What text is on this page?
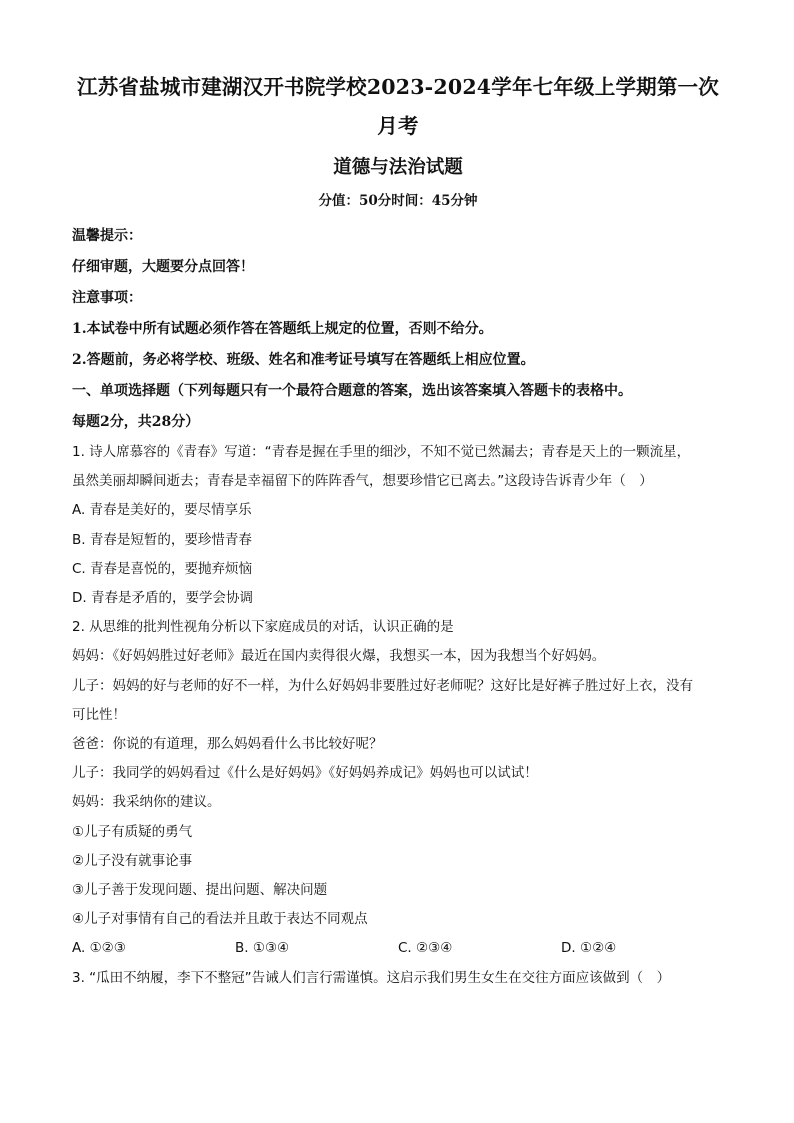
江苏省盐城市建湖汉开书院学校2023-2024学年七年级上学期第一次
月考
道德与法治试题

分值：50分时间：45分钟

温馨提示：

仔细审题，大题要分点回答！

注意事项：

1.本试卷中所有试题必须作答在答题纸上规定的位置，否则不给分。

2.答题前，务必将学校、班级、姓名和准考证号填写在答题纸上相应位置。

一、单项选择题（下列每题只有一个最符合题意的答案，选出该答案填入答题卡的表格中。

每题2分，共28分）

1. 诗人席慕容的《青春》写道：“青春是握在手里的细沙，不知不觉已然漏去；青春是天上的一颗流星，

虽然美丽却瞬间逝去；青春是幸福留下的阵阵香气，想要珍惜它已离去。”这段诗告诉青少年（　）

A. 青春是美好的，要尽情享乐

B. 青春是短暂的，要珍惜青春

C. 青春是喜悦的，要抛弃烦恼

D. 青春是矛盾的，要学会协调

2. 从思维的批判性视角分析以下家庭成员的对话，认识正确的是

妈妈：《好妈妈胜过好老师》最近在国内卖得很火爆，我想买一本，因为我想当个好妈妈。

儿子：妈妈的好与老师的好不一样，为什么好妈妈非要胜过好老师呢？这好比是好裤子胜过好上衣，没有

可比性！

爸爸：你说的有道理，那么妈妈看什么书比较好呢？

儿子：我同学的妈妈看过《什么是好妈妈》《好妈妈养成记》妈妈也可以试试！

妈妈：我采纳你的建议。

①儿子有质疑的勇气

②儿子没有就事论事

③儿子善于发现问题、提出问题、解决问题

④儿子对事情有自己的看法并且敢于表达不同观点

A. ①②③	B. ①③④	C. ②③④	D. ①②④

3. “瓜田不纳履，李下不整冠”告诫人们言行需谨慎。这启示我们男生女生在交往方面应该做到（　）
